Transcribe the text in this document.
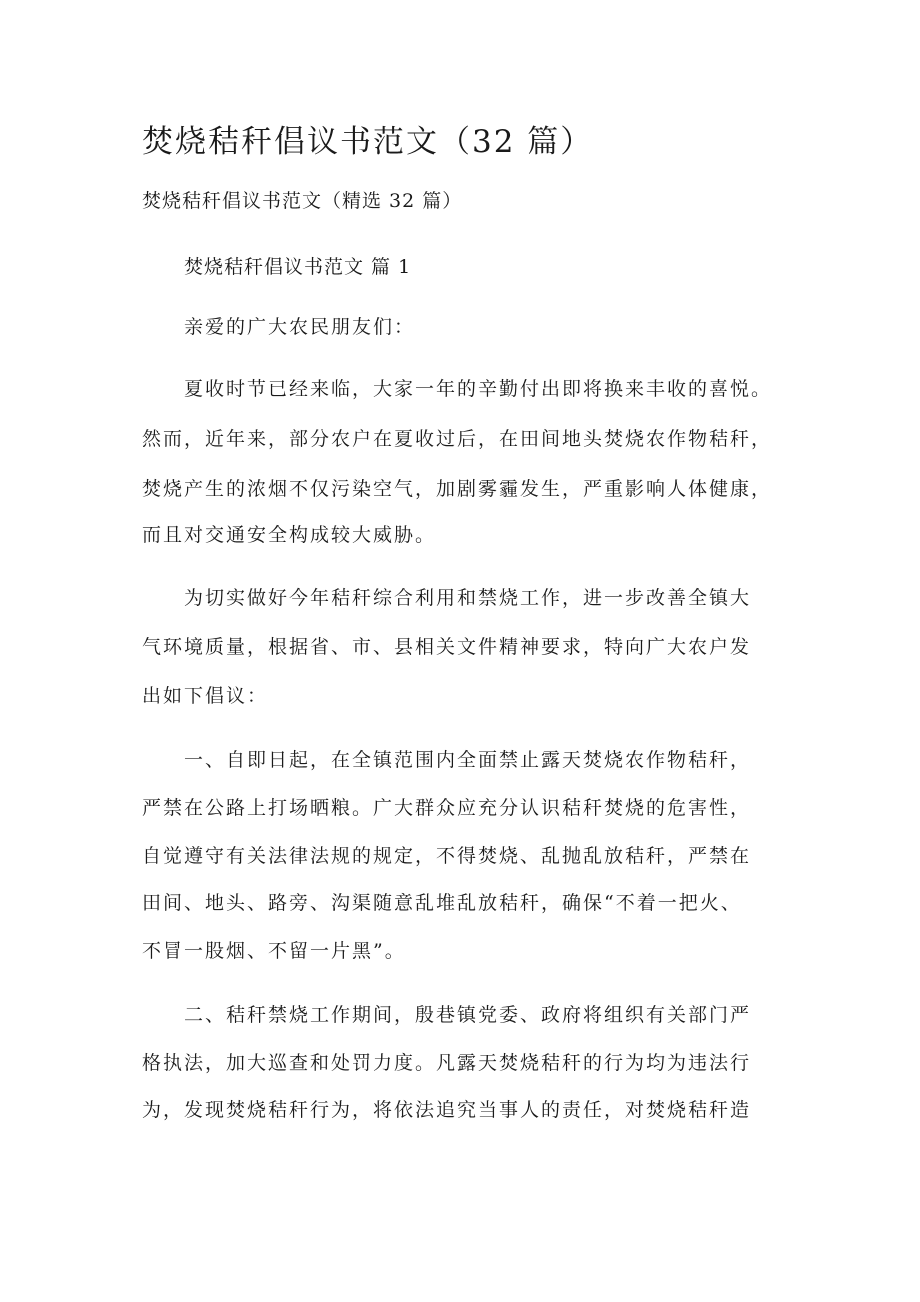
焚烧秸秆倡议书范文（32 篇）

焚烧秸秆倡议书范文（精选 32 篇）

焚烧秸秆倡议书范文 篇 1

亲爱的广大农民朋友们：

夏收时节已经来临，大家一年的辛勤付出即将换来丰收的喜悦。

然而，近年来，部分农户在夏收过后，在田间地头焚烧农作物秸秆，

焚烧产生的浓烟不仅污染空气，加剧雾霾发生，严重影响人体健康，

而且对交通安全构成较大威胁。

为切实做好今年秸秆综合利用和禁烧工作，进一步改善全镇大

气环境质量，根据省、市、县相关文件精神要求，特向广大农户发

出如下倡议：

一、自即日起，在全镇范围内全面禁止露天焚烧农作物秸秆，

严禁在公路上打场晒粮。广大群众应充分认识秸秆焚烧的危害性，

自觉遵守有关法律法规的规定，不得焚烧、乱抛乱放秸秆，严禁在

田间、地头、路旁、沟渠随意乱堆乱放秸秆，确保“不着一把火、

不冒一股烟、不留一片黑”。

二、秸秆禁烧工作期间，殷巷镇党委、政府将组织有关部门严

格执法，加大巡查和处罚力度。凡露天焚烧秸秆的行为均为违法行

为，发现焚烧秸秆行为，将依法追究当事人的责任，对焚烧秸秆造
